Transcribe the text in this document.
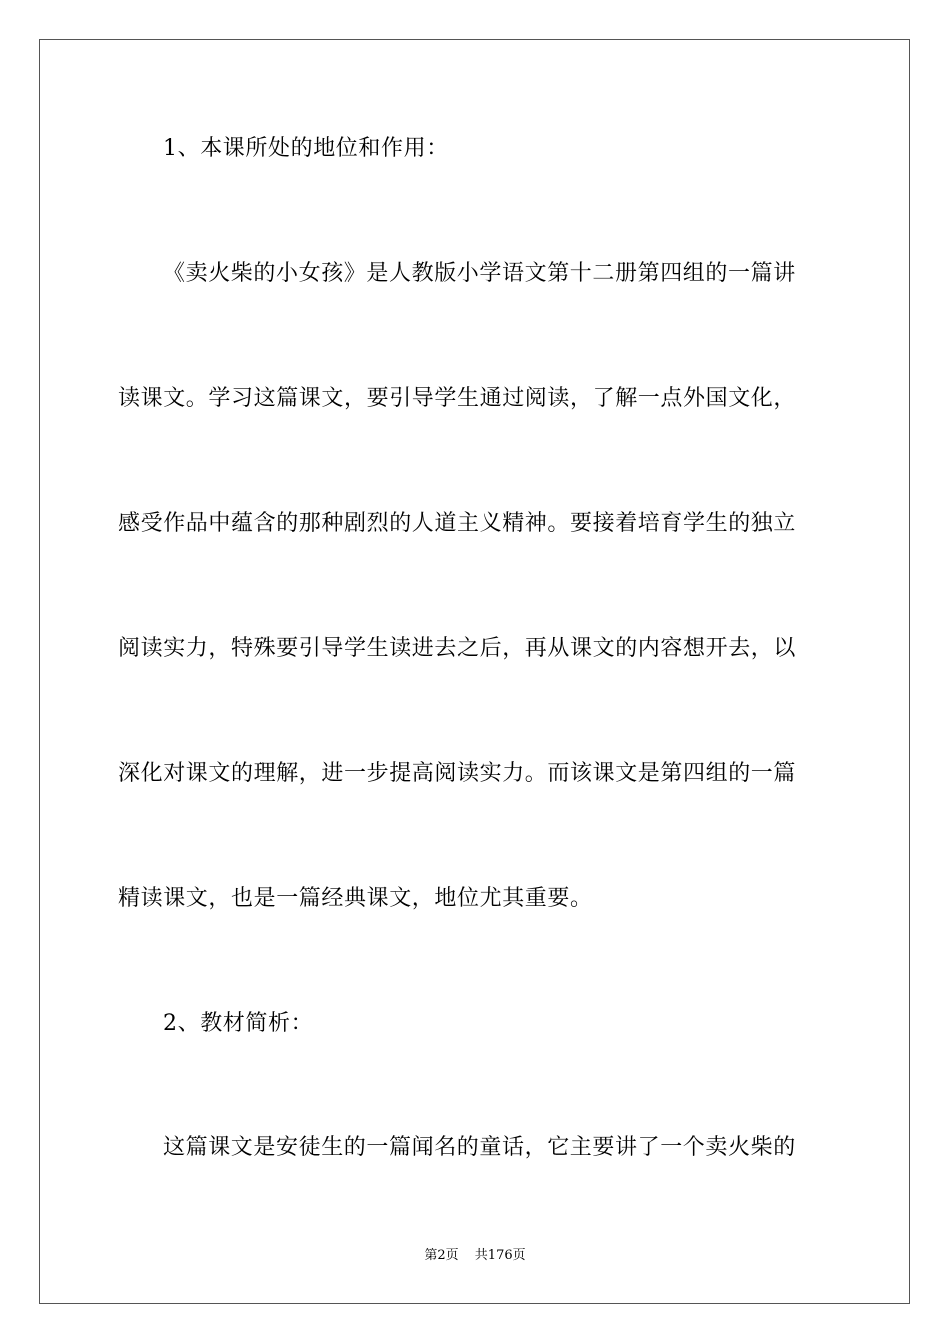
1、本课所处的地位和作用：
《卖火柴的小女孩》是人教版小学语文第十二册第四组的一篇讲
读课文。学习这篇课文，要引导学生通过阅读，了解一点外国文化，
感受作品中蕴含的那种剧烈的人道主义精神。要接着培育学生的独立
阅读实力，特殊要引导学生读进去之后，再从课文的内容想开去，以
深化对课文的理解，进一步提高阅读实力。而该课文是第四组的一篇
精读课文，也是一篇经典课文，地位尤其重要。
2、教材简析：
这篇课文是安徒生的一篇闻名的童话，它主要讲了一个卖火柴的
第2页 共176页
